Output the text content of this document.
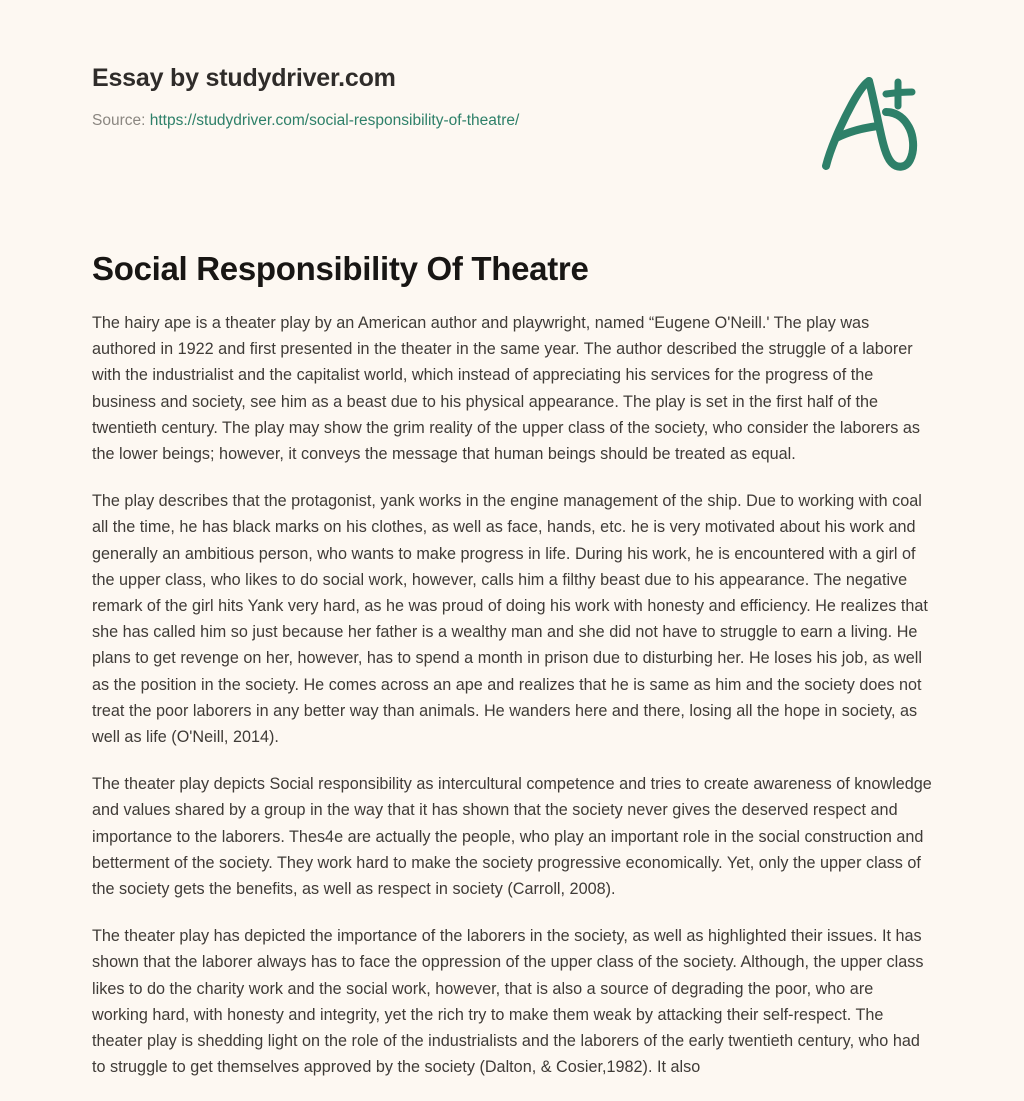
Essay by studydriver.com
Source: https://studydriver.com/social-responsibility-of-theatre/
Social Responsibility Of Theatre

The hairy ape is a theater play by an American author and playwright, named “Eugene O'Neill.' The play was authored in 1922 and first presented in the theater in the same year. The author described the struggle of a laborer with the industrialist and the capitalist world, which instead of appreciating his services for the progress of the business and society, see him as a beast due to his physical appearance. The play is set in the first half of the twentieth century. The play may show the grim reality of the upper class of the society, who consider the laborers as the lower beings; however, it conveys the message that human beings should be treated as equal.

The play describes that the protagonist, yank works in the engine management of the ship. Due to working with coal all the time, he has black marks on his clothes, as well as face, hands, etc. he is very motivated about his work and generally an ambitious person, who wants to make progress in life. During his work, he is encountered with a girl of the upper class, who likes to do social work, however, calls him a filthy beast due to his appearance. The negative remark of the girl hits Yank very hard, as he was proud of doing his work with honesty and efficiency. He realizes that she has called him so just because her father is a wealthy man and she did not have to struggle to earn a living. He plans to get revenge on her, however, has to spend a month in prison due to disturbing her. He loses his job, as well as the position in the society. He comes across an ape and realizes that he is same as him and the society does not treat the poor laborers in any better way than animals. He wanders here and there, losing all the hope in society, as well as life (O'Neill, 2014).

The theater play depicts Social responsibility as intercultural competence and tries to create awareness of knowledge and values shared by a group in the way that it has shown that the society never gives the deserved respect and importance to the laborers. Thes4e are actually the people, who play an important role in the social construction and betterment of the society. They work hard to make the society progressive economically. Yet, only the upper class of the society gets the benefits, as well as respect in society (Carroll, 2008).

The theater play has depicted the importance of the laborers in the society, as well as highlighted their issues. It has shown that the laborer always has to face the oppression of the upper class of the society. Although, the upper class likes to do the charity work and the social work, however, that is also a source of degrading the poor, who are working hard, with honesty and integrity, yet the rich try to make them weak by attacking their self-respect. The theater play is shedding light on the role of the industrialists and the laborers of the early twentieth century, who had to struggle to get themselves approved by the society (Dalton, & Cosier,1982). It also
